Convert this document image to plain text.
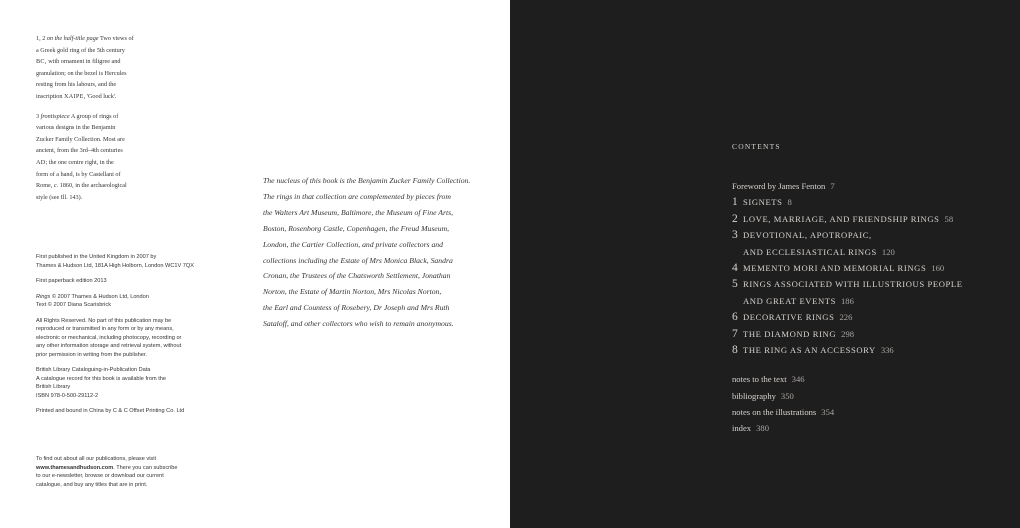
1, 2 on the half-title page Two views of
a Greek gold ring of the 5th century
BC, with ornament in filigree and
granulation; on the bezel is Hercules
resting from his labours, and the
inscription XAIPE, 'Good luck'.

3 frontispiece A group of rings of
various designs in the Benjamin
Zucker Family Collection. Most are
ancient, from the 3rd–4th centuries
AD; the one centre right, in the
form of a hand, is by Castellani of
Rome, c. 1860, in the archaeological
style (see Ill. 143).

First published in the United Kingdom in 2007 by
Thames & Hudson Ltd, 181A High Holborn, London WC1V 7QX

First paperback edition 2013

Rings © 2007 Thames & Hudson Ltd, London
Text © 2007 Diana Scarisbrick

All Rights Reserved. No part of this publication may be
reproduced or transmitted in any form or by any means,
electronic or mechanical, including photocopy, recording or
any other information storage and retrieval system, without
prior permission in writing from the publisher.

British Library Cataloguing-in-Publication Data
A catalogue record for this book is available from the
British Library
ISBN 978-0-500-29112-2

Printed and bound in China by C & C Offset Printing Co. Ltd

To find out about all our publications, please visit
www.thamesandhudson.com. There you can subscribe
to our e-newsletter, browse or download our current
catalogue, and buy any titles that are in print.
The nucleus of this book is the Benjamin Zucker Family Collection.
The rings in that collection are complemented by pieces from
the Walters Art Museum, Baltimore, the Museum of Fine Arts,
Boston, Rosenborg Castle, Copenhagen, the Freud Museum,
London, the Cartier Collection, and private collectors and
collections including the Estate of Mrs Monica Black, Sandra
Cronan, the Trustees of the Chatsworth Settlement, Jonathan
Norton, the Estate of Martin Norton, Mrs Nicolas Norton,
the Earl and Countess of Rosebery, Dr Joseph and Mrs Ruth
Sataloff, and other collectors who wish to remain anonymous.
CONTENTS
Foreword by James Fenton 7
1 SIGNETS 8
2 LOVE, MARRIAGE, AND FRIENDSHIP RINGS 58
3 DEVOTIONAL, APOTROPAIC,
AND ECCLESIASTICAL RINGS 120
4 MEMENTO MORI AND MEMORIAL RINGS 160
5 RINGS ASSOCIATED WITH ILLUSTRIOUS PEOPLE
AND GREAT EVENTS 186
6 DECORATIVE RINGS 226
7 THE DIAMOND RING 298
8 THE RING AS AN ACCESSORY 336
notes to the text 346
bibliography 350
notes on the illustrations 354
index 380
